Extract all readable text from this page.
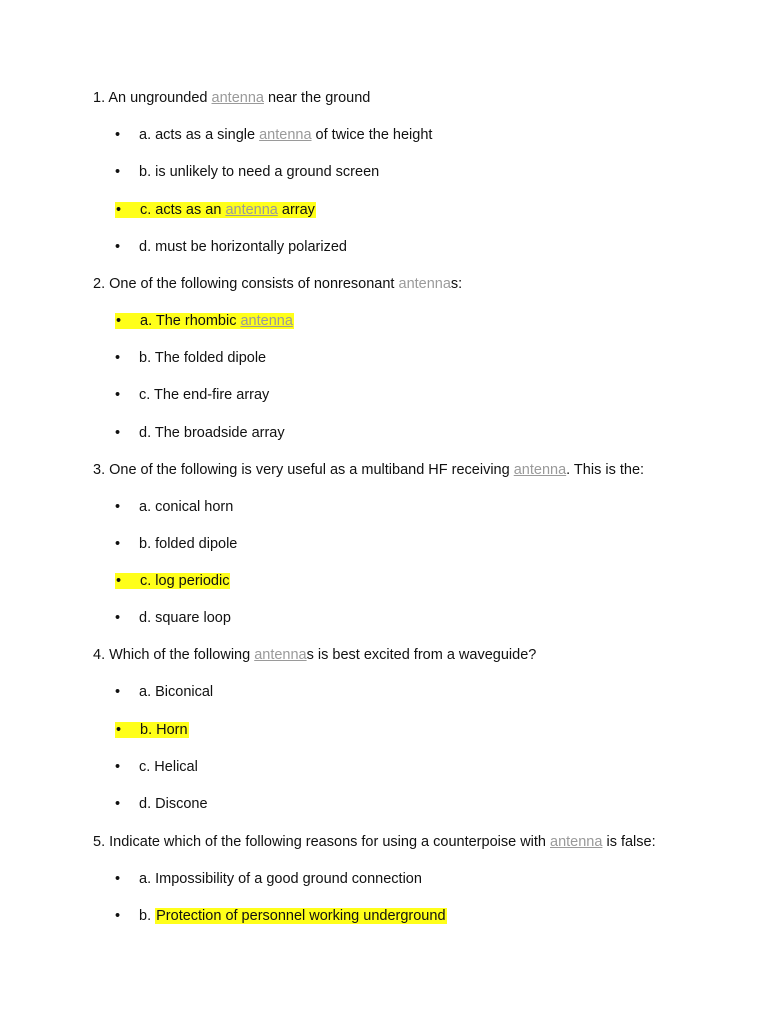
1. An ungrounded antenna near the ground
• a. acts as a single antenna of twice the height
• b. is unlikely to need a ground screen
• c. acts as an antenna array
• d. must be horizontally polarized
2. One of the following consists of nonresonant antennas:
• a. The rhombic antenna
• b. The folded dipole
• c. The end-fire array
• d. The broadside array
3. One of the following is very useful as a multiband HF receiving antenna. This is the:
• a. conical horn
• b. folded dipole
• c. log periodic
• d. square loop
4. Which of the following antennas is best excited from a waveguide?
• a. Biconical
• b. Horn
• c. Helical
• d. Discone
5. Indicate which of the following reasons for using a counterpoise with antenna is false:
• a. Impossibility of a good ground connection
• b. Protection of personnel working underground
